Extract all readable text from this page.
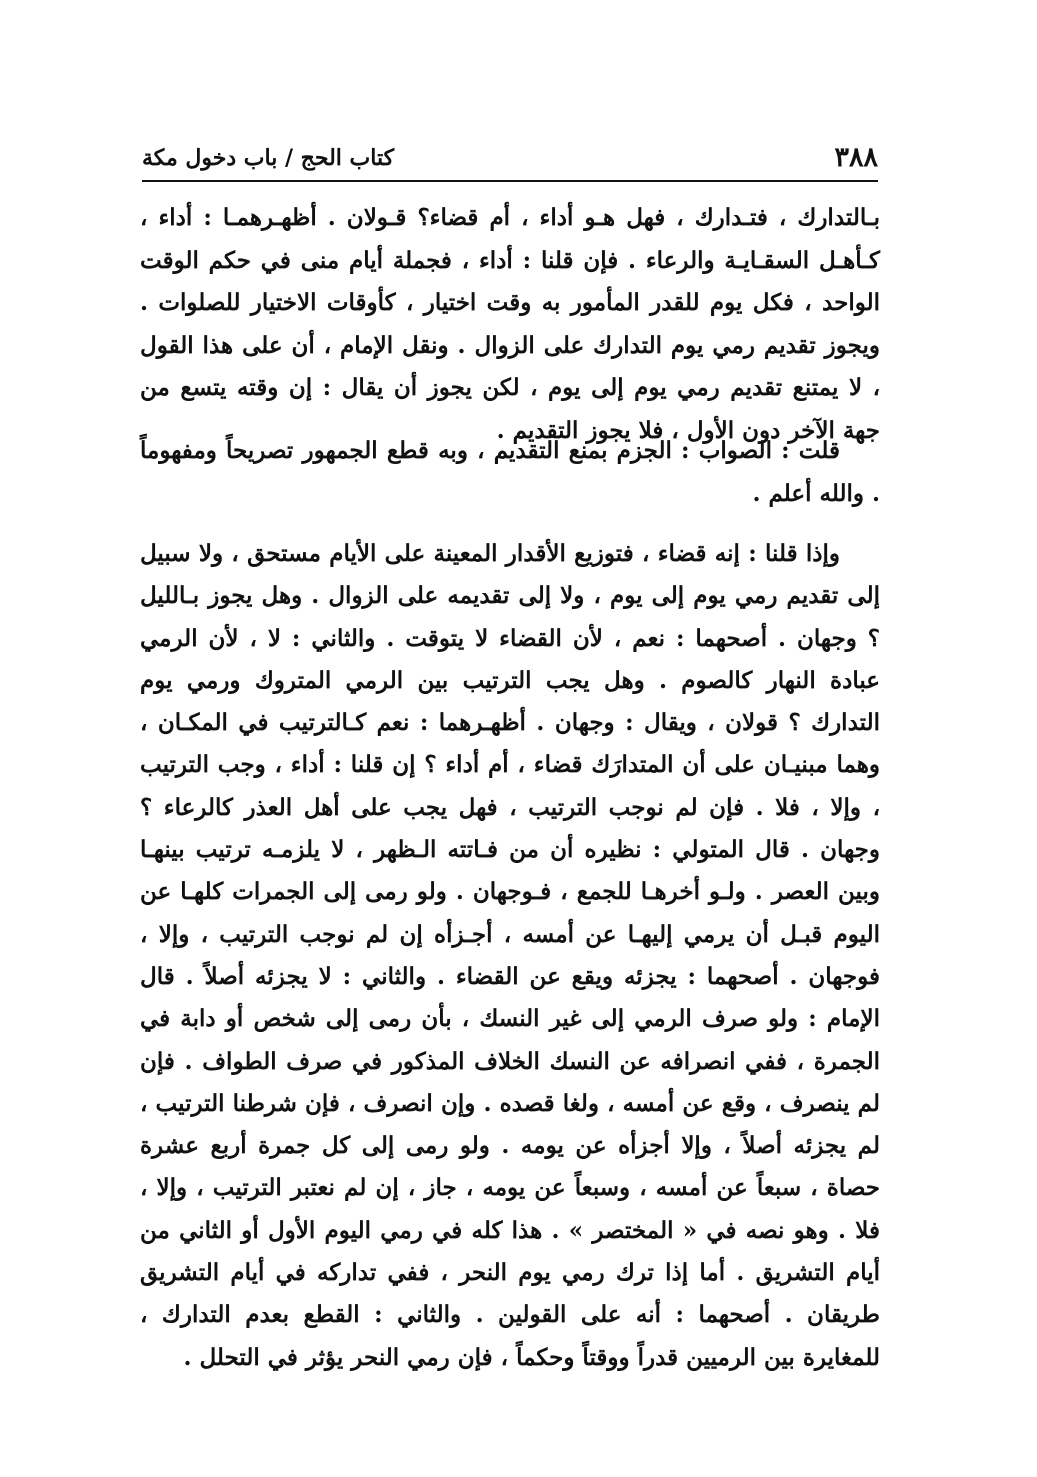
٣٨٨
كتاب الحج / باب دخول مكة

بـالتدارك ، فتـدارك ، فهل هـو أداء ، أم قضاء؟ قـولان . أظهـرهمـا : أداء ، كـأهـل السقـايـة والرعاء . فإن قلنا : أداء ، فجملة أيام منى في حكم الوقت الواحد ، فكل يوم للقدر المأمور به وقت اختيار ، كأوقات الاختيار للصلوات . ويجوز تقديم رمي يوم التدارك على الزوال . ونقل الإمام ، أن على هذا القول ، لا يمتنع تقديم رمي يوم إلى يوم ، لكن يجوز أن يقال : إن وقته يتسع من جهة الآخر دون الأول ، فلا يجوز التقديم .

قلت : الصواب : الجزم بمنع التقديم ، وبه قطع الجمهور تصريحاً ومفهوماً . والله أعلم .

وإذا قلنا : إنه قضاء ، فتوزيع الأقدار المعينة على الأيام مستحق ، ولا سبيل إلى تقديم رمي يوم إلى يوم ، ولا إلى تقديمه على الزوال . وهل يجوز بـالليل ؟ وجهان . أصحهما : نعم ، لأن القضاء لا يتوقت . والثاني : لا ، لأن الرمي عبادة النهار كالصوم . وهل يجب الترتيب بين الرمي المتروك ورمي يوم التدارك ؟ قولان ، ويقال : وجهان . أظهـرهما : نعم كـالترتيب في المكـان ، وهما مبنيـان على أن المتدارَك قضاء ، أم أداء ؟ إن قلنا : أداء ، وجب الترتيب ، وإلا ، فلا . فإن لم نوجب الترتيب ، فهل يجب على أهل العذر كالرعاء ؟ وجهان . قال المتولي : نظيره أن من فـاتته الـظهر ، لا يلزمـه ترتيب بينهـا وبين العصر . ولـو أخرهـا للجمع ، فـوجهان . ولو رمى إلى الجمرات كلهـا عن اليوم قبـل أن يرمي إليهـا عن أمسه ، أجـزأه إن لم نوجب الترتيب ، وإلا ، فوجهان . أصحهما : يجزئه ويقع عن القضاء . والثاني : لا يجزئه أصلاً . قال الإمام : ولو صرف الرمي إلى غير النسك ، بأن رمى إلى شخص أو دابة في الجمرة ، ففي انصرافه عن النسك الخلاف المذكور في صرف الطواف . فإن لم ينصرف ، وقع عن أمسه ، ولغا قصده . وإن انصرف ، فإن شرطنا الترتيب ، لم يجزئه أصلاً ، وإلا أجزأه عن يومه . ولو رمى إلى كل جمرة أربع عشرة حصاة ، سبعاً عن أمسه ، وسبعاً عن يومه ، جاز ، إن لم نعتبر الترتيب ، وإلا ، فلا . وهو نصه في « المختصر » . هذا كله في رمي اليوم الأول أو الثاني من أيام التشريق . أما إذا ترك رمي يوم النحر ، ففي تداركه في أيام التشريق طريقان . أصحهما : أنه على القولين . والثاني : القطع بعدم التدارك ، للمغايرة بين الرميين قدراً ووقتاً وحكماً ، فإن رمي النحر يؤثر في التحلل .
